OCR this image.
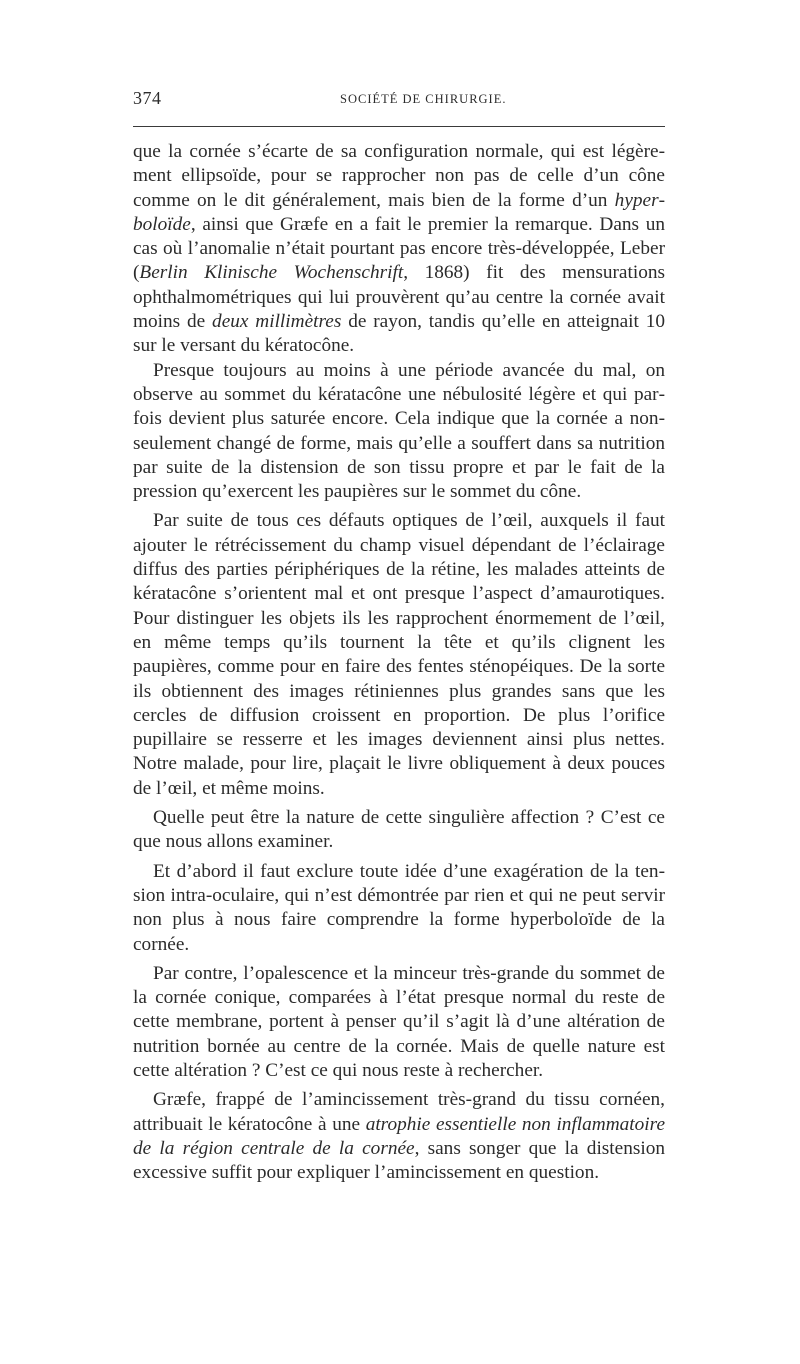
374	SOCIÉTÉ DE CHIRURGIE.

que la cornée s’écarte de sa configuration normale, qui est légèrement ellipsoïde, pour se rapprocher non pas de celle d’un cône comme on le dit généralement, mais bien de la forme d’un hyperboloïde, ainsi que Græfe en a fait le premier la remarque. Dans un cas où l’anomalie n’était pourtant pas encore très-développée, Leber (Berlin Klinische Wochenschrift, 1868) fit des mensurations ophthalmométriques qui lui prouvèrent qu’au centre la cornée avait moins de deux millimètres de rayon, tandis qu’elle en atteignait 10 sur le versant du kératocône.

Presque toujours au moins à une période avancée du mal, on observe au sommet du kératacône une nébulosité légère et qui parfois devient plus saturée encore. Cela indique que la cornée a non-seulement changé de forme, mais qu’elle a souffert dans sa nutrition par suite de la distension de son tissu propre et par le fait de la pression qu’exercent les paupières sur le sommet du cône.

Par suite de tous ces défauts optiques de l’œil, auxquels il faut ajouter le rétrécissement du champ visuel dépendant de l’éclairage diffus des parties périphériques de la rétine, les malades atteints de kératacône s’orientent mal et ont presque l’aspect d’amaurotiques. Pour distinguer les objets ils les rapprochent énormement de l’œil, en même temps qu’ils tournent la tête et qu’ils clignent les paupières, comme pour en faire des fentes sténopéiques. De la sorte ils obtiennent des images rétiniennes plus grandes sans que les cercles de diffusion croissent en proportion. De plus l’orifice pupillaire se resserre et les images deviennent ainsi plus nettes. Notre malade, pour lire, plaçait le livre obliquement à deux pouces de l’œil, et même moins.

Quelle peut être la nature de cette singulière affection ? C’est ce que nous allons examiner.

Et d’abord il faut exclure toute idée d’une exagération de la tension intra-oculaire, qui n’est démontrée par rien et qui ne peut servir non plus à nous faire comprendre la forme hyperboloïde de la cornée.

Par contre, l’opalescence et la minceur très-grande du sommet de la cornée conique, comparées à l’état presque normal du reste de cette membrane, portent à penser qu’il s’agit là d’une altération de nutrition bornée au centre de la cornée. Mais de quelle nature est cette altération ? C’est ce qui nous reste à rechercher.

Græfe, frappé de l’amincissement très-grand du tissu cornéen, attribuait le kératocône à une atrophie essentielle non inflammatoire de la région centrale de la cornée, sans songer que la distension excessive suffit pour expliquer l’amincissement en question.
